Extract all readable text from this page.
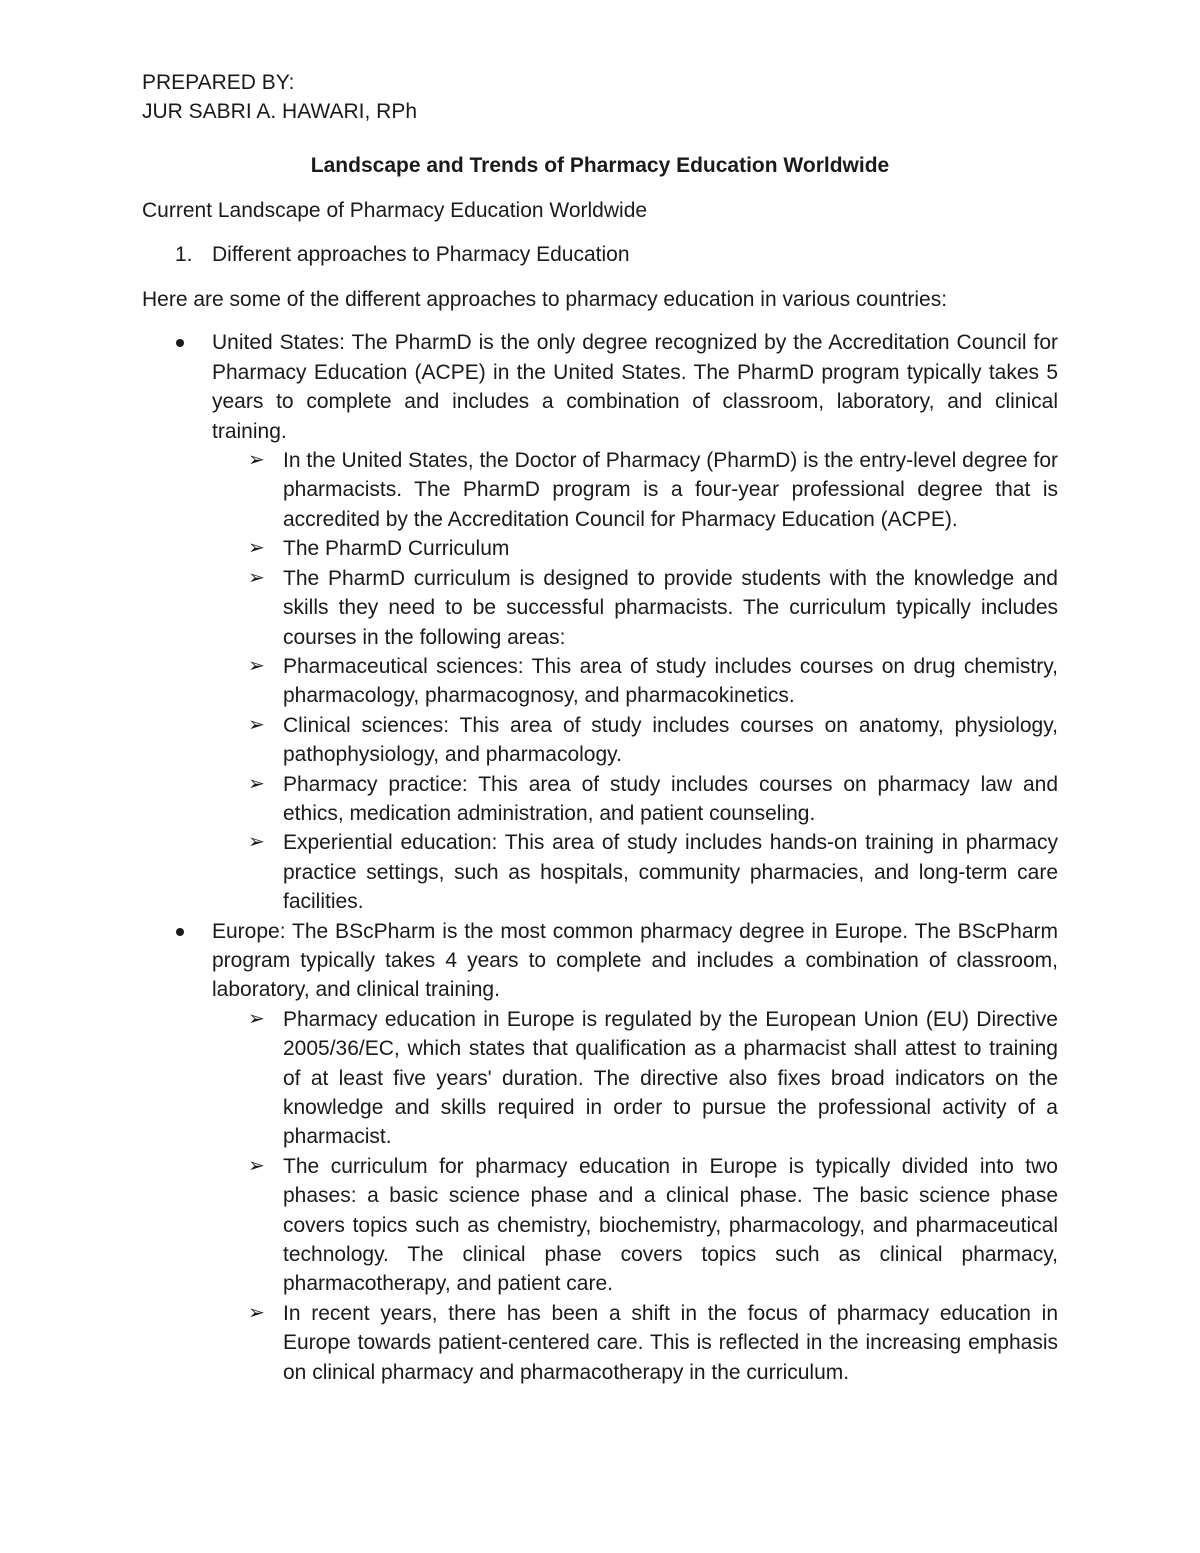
PREPARED BY:
JUR SABRI A. HAWARI, RPh
Landscape and Trends of Pharmacy Education Worldwide
Current Landscape of Pharmacy Education Worldwide
1. Different approaches to Pharmacy Education
Here are some of the different approaches to pharmacy education in various countries:
United States: The PharmD is the only degree recognized by the Accreditation Council for Pharmacy Education (ACPE) in the United States. The PharmD program typically takes 5 years to complete and includes a combination of classroom, laboratory, and clinical training.
➢ In the United States, the Doctor of Pharmacy (PharmD) is the entry-level degree for pharmacists. The PharmD program is a four-year professional degree that is accredited by the Accreditation Council for Pharmacy Education (ACPE).
➢ The PharmD Curriculum
➢ The PharmD curriculum is designed to provide students with the knowledge and skills they need to be successful pharmacists. The curriculum typically includes courses in the following areas:
➢ Pharmaceutical sciences: This area of study includes courses on drug chemistry, pharmacology, pharmacognosy, and pharmacokinetics.
➢ Clinical sciences: This area of study includes courses on anatomy, physiology, pathophysiology, and pharmacology.
➢ Pharmacy practice: This area of study includes courses on pharmacy law and ethics, medication administration, and patient counseling.
➢ Experiential education: This area of study includes hands-on training in pharmacy practice settings, such as hospitals, community pharmacies, and long-term care facilities.
Europe: The BScPharm is the most common pharmacy degree in Europe. The BScPharm program typically takes 4 years to complete and includes a combination of classroom, laboratory, and clinical training.
➢ Pharmacy education in Europe is regulated by the European Union (EU) Directive 2005/36/EC, which states that qualification as a pharmacist shall attest to training of at least five years' duration. The directive also fixes broad indicators on the knowledge and skills required in order to pursue the professional activity of a pharmacist.
➢ The curriculum for pharmacy education in Europe is typically divided into two phases: a basic science phase and a clinical phase. The basic science phase covers topics such as chemistry, biochemistry, pharmacology, and pharmaceutical technology. The clinical phase covers topics such as clinical pharmacy, pharmacotherapy, and patient care.
➢ In recent years, there has been a shift in the focus of pharmacy education in Europe towards patient-centered care. This is reflected in the increasing emphasis on clinical pharmacy and pharmacotherapy in the curriculum.
